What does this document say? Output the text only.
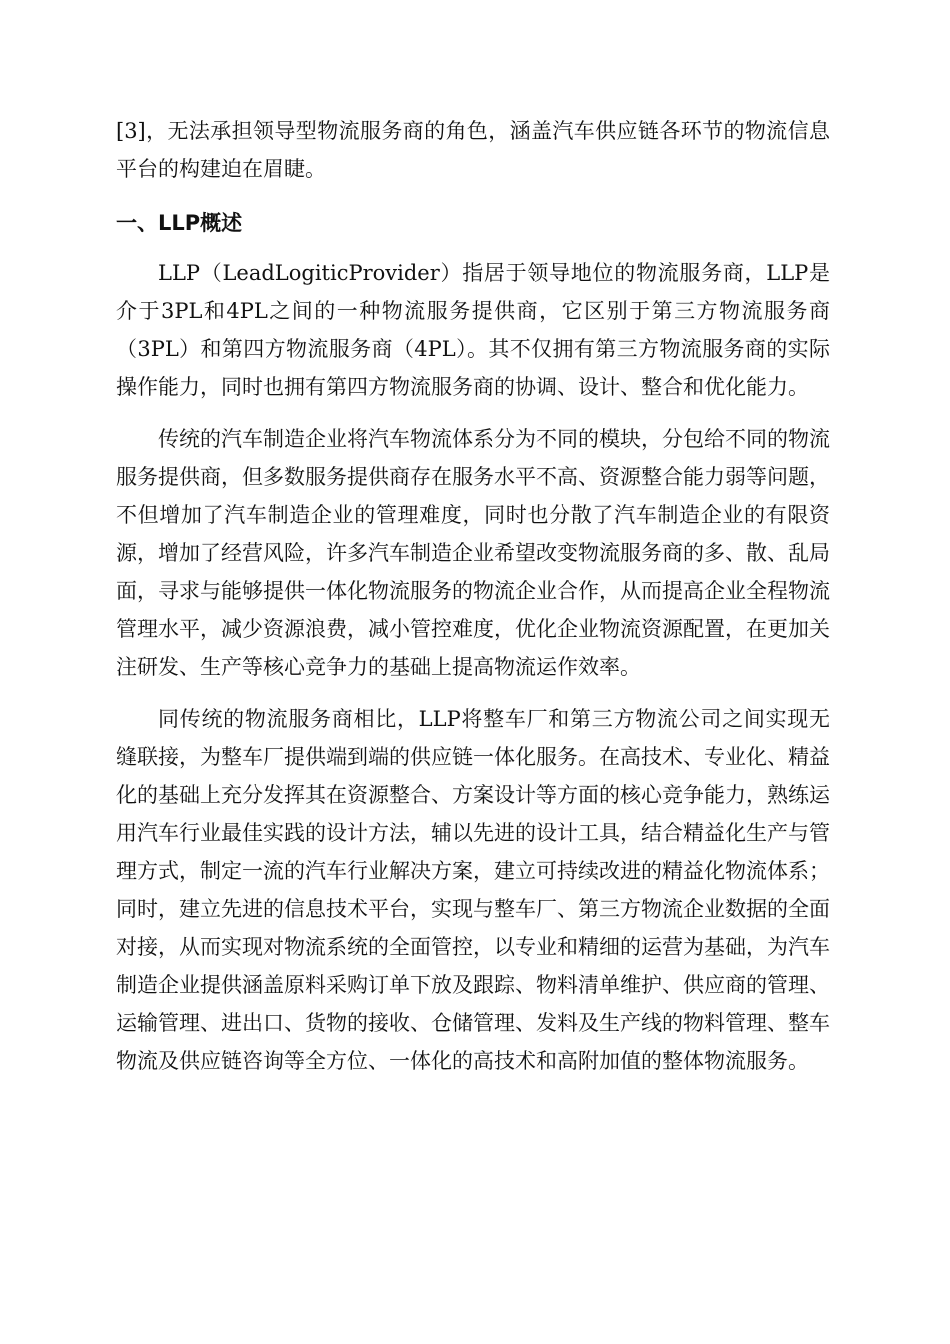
[3]，无法承担领导型物流服务商的角色，涵盖汽车供应链各环节的物流信息平台的构建迫在眉睫。

一、LLP概述

LLP（LeadLogiticProvider）指居于领导地位的物流服务商，LLP是介于3PL和4PL之间的一种物流服务提供商，它区别于第三方物流服务商（3PL）和第四方物流服务商（4PL）。其不仅拥有第三方物流服务商的实际操作能力，同时也拥有第四方物流服务商的协调、设计、整合和优化能力。

传统的汽车制造企业将汽车物流体系分为不同的模块，分包给不同的物流服务提供商，但多数服务提供商存在服务水平不高、资源整合能力弱等问题，不但增加了汽车制造企业的管理难度，同时也分散了汽车制造企业的有限资源，增加了经营风险，许多汽车制造企业希望改变物流服务商的多、散、乱局面，寻求与能够提供一体化物流服务的物流企业合作，从而提高企业全程物流管理水平，减少资源浪费，减小管控难度，优化企业物流资源配置，在更加关注研发、生产等核心竞争力的基础上提高物流运作效率。

同传统的物流服务商相比，LLP将整车厂和第三方物流公司之间实现无缝联接，为整车厂提供端到端的供应链一体化服务。在高技术、专业化、精益化的基础上充分发挥其在资源整合、方案设计等方面的核心竞争能力，熟练运用汽车行业最佳实践的设计方法，辅以先进的设计工具，结合精益化生产与管理方式，制定一流的汽车行业解决方案，建立可持续改进的精益化物流体系；同时，建立先进的信息技术平台，实现与整车厂、第三方物流企业数据的全面对接，从而实现对物流系统的全面管控，以专业和精细的运营为基础，为汽车制造企业提供涵盖原料采购订单下放及跟踪、物料清单维护、供应商的管理、运输管理、进出口、货物的接收、仓储管理、发料及生产线的物料管理、整车物流及供应链咨询等全方位、一体化的高技术和高附加值的整体物流服务。
